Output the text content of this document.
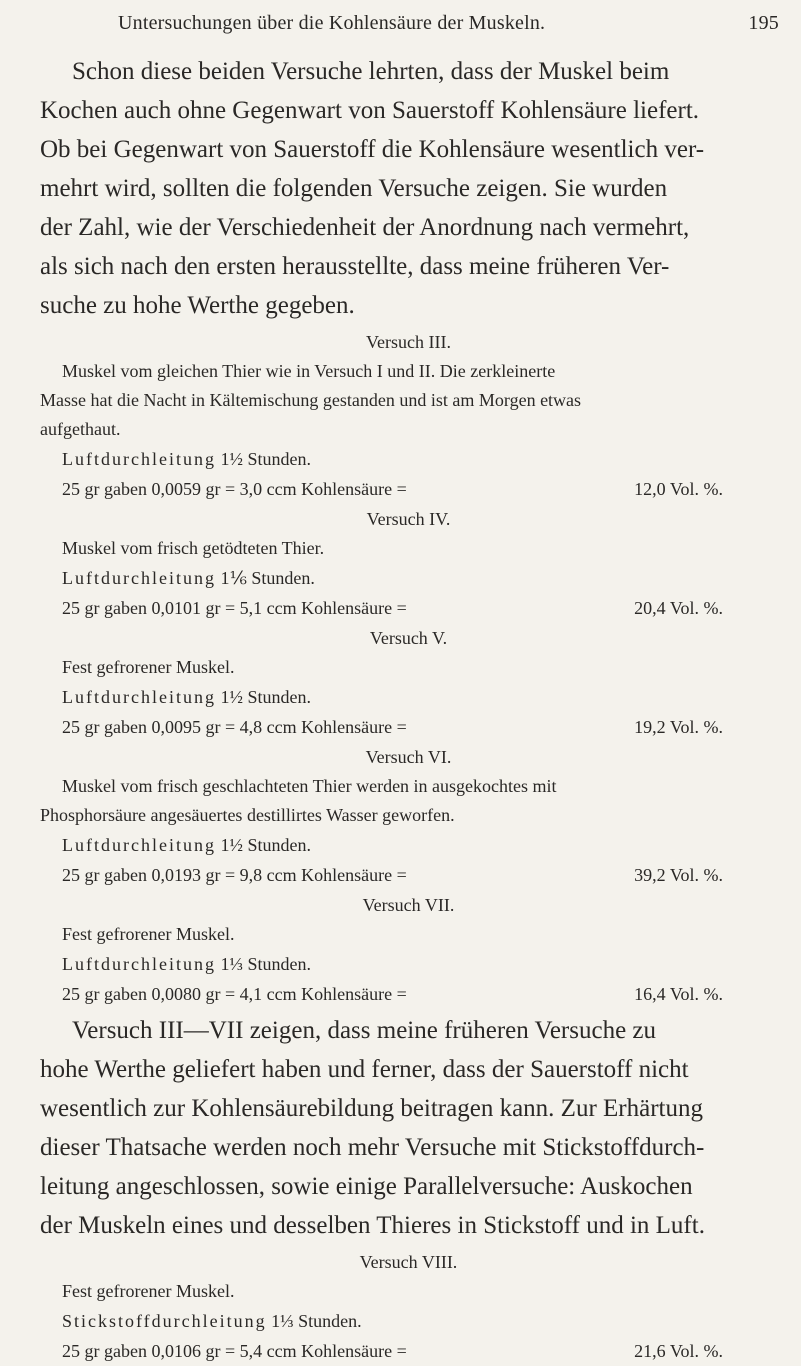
Untersuchungen über die Kohlensäure der Muskeln.	195

Schon diese beiden Versuche lehrten, dass der Muskel beim

Kochen auch ohne Gegenwart von Sauerstoff Kohlensäure liefert.

Ob bei Gegenwart von Sauerstoff die Kohlensäure wesentlich ver-

mehrt wird, sollten die folgenden Versuche zeigen. Sie wurden

der Zahl, wie der Verschiedenheit der Anordnung nach vermehrt,

als sich nach den ersten herausstellte, dass meine früheren Ver-

suche zu hohe Werthe gegeben.

Versuch III.

Muskel vom gleichen Thier wie in Versuch I und II. Die zerkleinerte

Masse hat die Nacht in Kältemischung gestanden und ist am Morgen etwas

aufgethaut.

Luftdurchleitung 1½ Stunden.

25 gr gaben 0,0059 gr = 3,0 ccm Kohlensäure =	12,0 Vol. %.

Versuch IV.

Muskel vom frisch getödteten Thier.

Luftdurchleitung 1⅙ Stunden.

25 gr gaben 0,0101 gr = 5,1 ccm Kohlensäure =	20,4 Vol. %.

Versuch V.

Fest gefrorener Muskel.

Luftdurchleitung 1½ Stunden.

25 gr gaben 0,0095 gr = 4,8 ccm Kohlensäure =	19,2 Vol. %.

Versuch VI.

Muskel vom frisch geschlachteten Thier werden in ausgekochtes mit

Phosphorsäure angesäuertes destillirtes Wasser geworfen.

Luftdurchleitung 1½ Stunden.

25 gr gaben 0,0193 gr = 9,8 ccm Kohlensäure =	39,2 Vol. %.

Versuch VII.

Fest gefrorener Muskel.

Luftdurchleitung 1⅓ Stunden.

25 gr gaben 0,0080 gr = 4,1 ccm Kohlensäure =	16,4 Vol. %.

Versuch III—VII zeigen, dass meine früheren Versuche zu

hohe Werthe geliefert haben und ferner, dass der Sauerstoff nicht

wesentlich zur Kohlensäurebildung beitragen kann. Zur Erhärtung

dieser Thatsache werden noch mehr Versuche mit Stickstoffdurch-

leitung angeschlossen, sowie einige Parallelversuche: Auskochen

der Muskeln eines und desselben Thieres in Stickstoff und in Luft.

Versuch VIII.

Fest gefrorener Muskel.

Stickstoffdurchleitung 1⅓ Stunden.

25 gr gaben 0,0106 gr = 5,4 ccm Kohlensäure =	21,6 Vol. %.
